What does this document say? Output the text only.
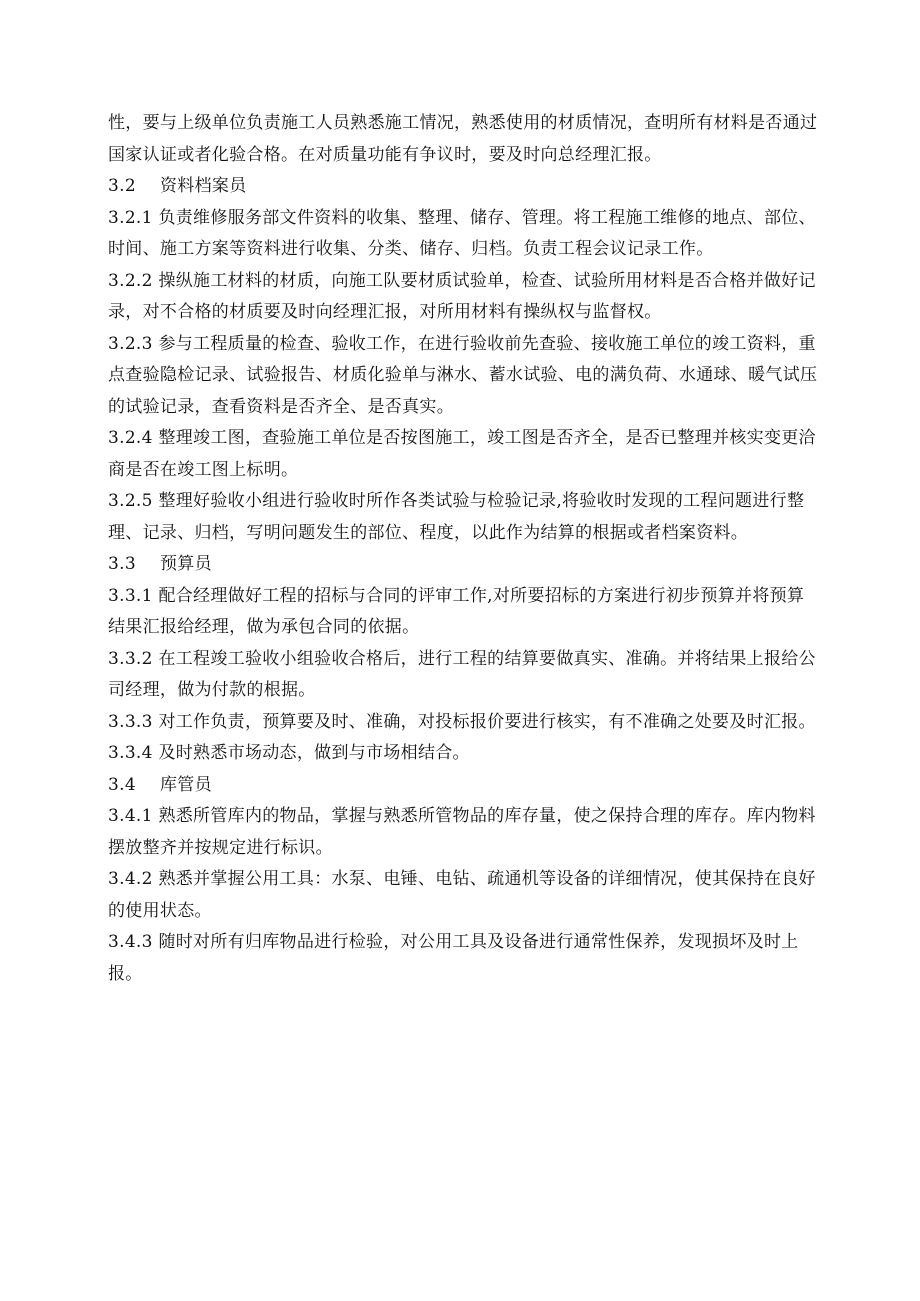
性，要与上级单位负责施工人员熟悉施工情况，熟悉使用的材质情况，查明所有材料是否通过国家认证或者化验合格。在对质量功能有争议时，要及时向总经理汇报。

3.2 资料档案员

3.2.1 负责维修服务部文件资料的收集、整理、储存、管理。将工程施工维修的地点、部位、时间、施工方案等资料进行收集、分类、储存、归档。负责工程会议记录工作。

3.2.2 操纵施工材料的材质，向施工队要材质试验单，检查、试验所用材料是否合格并做好记录，对不合格的材质要及时向经理汇报，对所用材料有操纵权与监督权。

3.2.3 参与工程质量的检查、验收工作，在进行验收前先查验、接收施工单位的竣工资料，重点查验隐检记录、试验报告、材质化验单与淋水、蓄水试验、电的满负荷、水通球、暖气试压的试验记录，查看资料是否齐全、是否真实。

3.2.4 整理竣工图，查验施工单位是否按图施工，竣工图是否齐全，是否已整理并核实变更洽商是否在竣工图上标明。

3.2.5 整理好验收小组进行验收时所作各类试验与检验记录,将验收时发现的工程问题进行整理、记录、归档，写明问题发生的部位、程度，以此作为结算的根据或者档案资料。

3.3 预算员

3.3.1 配合经理做好工程的招标与合同的评审工作,对所要招标的方案进行初步预算并将预算结果汇报给经理，做为承包合同的依据。

3.3.2 在工程竣工验收小组验收合格后，进行工程的结算要做真实、准确。并将结果上报给公司经理，做为付款的根据。

3.3.3 对工作负责，预算要及时、准确，对投标报价要进行核实，有不准确之处要及时汇报。

3.3.4 及时熟悉市场动态，做到与市场相结合。

3.4 库管员

3.4.1 熟悉所管库内的物品，掌握与熟悉所管物品的库存量，使之保持合理的库存。库内物料摆放整齐并按规定进行标识。

3.4.2 熟悉并掌握公用工具：水泵、电锤、电钻、疏通机等设备的详细情况，使其保持在良好的使用状态。

3.4.3 随时对所有归库物品进行检验，对公用工具及设备进行通常性保养，发现损坏及时上报。
